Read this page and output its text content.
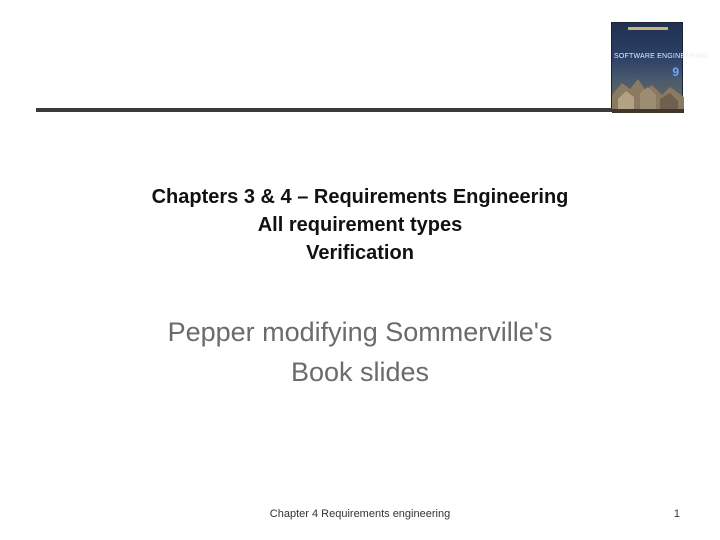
SOFTWARE ENGINEERING
9
Chapters 3 & 4 – Requirements Engineering
All requirement types
Verification
Pepper modifying Sommerville's
Book slides
Chapter 4 Requirements engineering	1
